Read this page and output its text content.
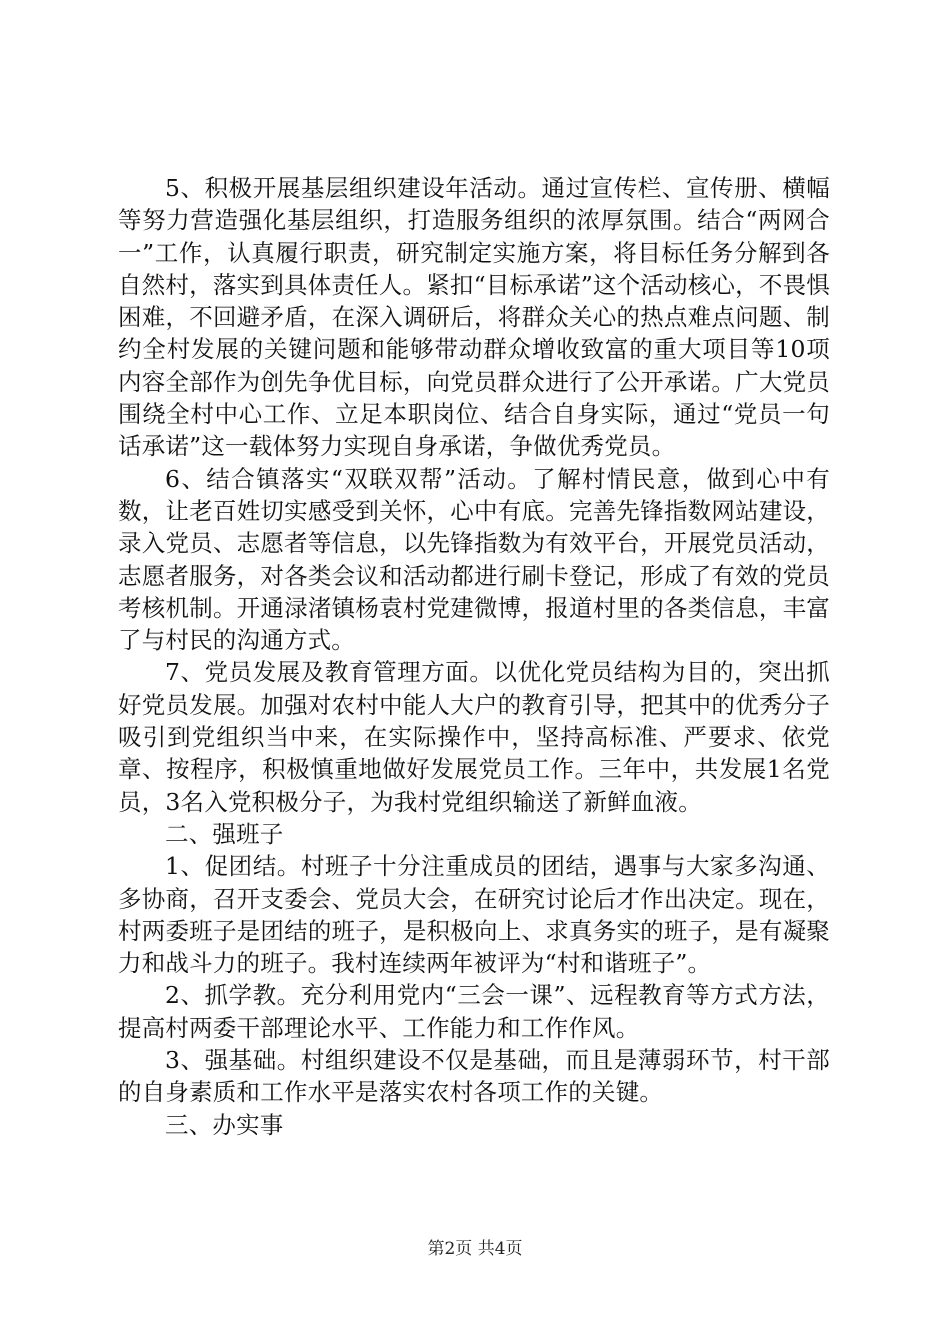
5、积极开展基层组织建设年活动。通过宣传栏、宣传册、横幅等努力营造强化基层组织，打造服务组织的浓厚氛围。结合“两网合一”工作，认真履行职责，研究制定实施方案，将目标任务分解到各自然村，落实到具体责任人。紧扣“目标承诺”这个活动核心，不畏惧困难，不回避矛盾，在深入调研后，将群众关心的热点难点问题、制约全村发展的关键问题和能够带动群众增收致富的重大项目等10项内容全部作为创先争优目标，向党员群众进行了公开承诺。广大党员围绕全村中心工作、立足本职岗位、结合自身实际，通过“党员一句话承诺”这一载体努力实现自身承诺，争做优秀党员。

6、结合镇落实“双联双帮”活动。了解村情民意，做到心中有数，让老百姓切实感受到关怀，心中有底。完善先锋指数网站建设，录入党员、志愿者等信息，以先锋指数为有效平台，开展党员活动，志愿者服务，对各类会议和活动都进行刷卡登记，形成了有效的党员考核机制。开通渌渚镇杨袁村党建微博，报道村里的各类信息，丰富了与村民的沟通方式。

7、党员发展及教育管理方面。以优化党员结构为目的，突出抓好党员发展。加强对农村中能人大户的教育引导，把其中的优秀分子吸引到党组织当中来，在实际操作中，坚持高标准、严要求、依党章、按程序，积极慎重地做好发展党员工作。三年中，共发展1名党员，3名入党积极分子，为我村党组织输送了新鲜血液。

二、强班子

1、促团结。村班子十分注重成员的团结，遇事与大家多沟通、多协商，召开支委会、党员大会，在研究讨论后才作出决定。现在，村两委班子是团结的班子，是积极向上、求真务实的班子，是有凝聚力和战斗力的班子。我村连续两年被评为“村和谐班子”。

2、抓学教。充分利用党内“三会一课”、远程教育等方式方法，提高村两委干部理论水平、工作能力和工作作风。

3、强基础。村组织建设不仅是基础，而且是薄弱环节，村干部的自身素质和工作水平是落实农村各项工作的关键。

三、办实事

第2页 共4页
